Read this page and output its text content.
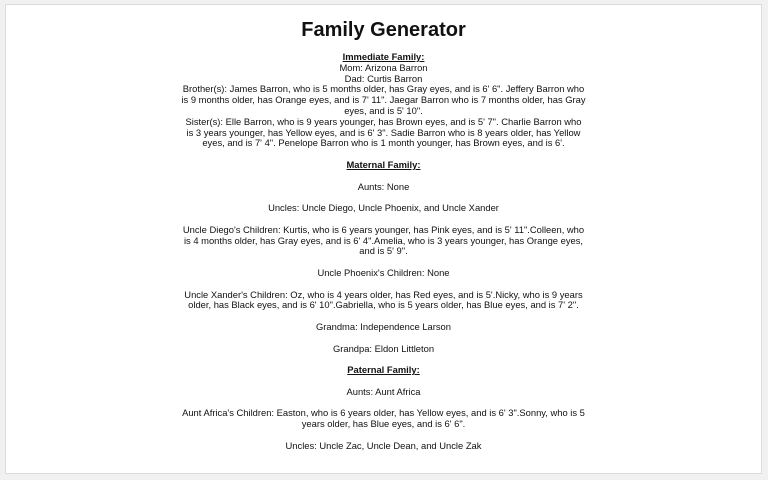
Family Generator
Immediate Family:

Mom: Arizona Barron

Dad: Curtis Barron

Brother(s): James Barron, who is 5 months older, has Gray eyes, and is 6' 6". Jeffery Barron who is 9 months older, has Orange eyes, and is 7' 11". Jaegar Barron who is 7 months older, has Gray eyes, and is 5' 10".

Sister(s): Elle Barron, who is 9 years younger, has Brown eyes, and is 5' 7". Charlie Barron who is 3 years younger, has Yellow eyes, and is 6' 3". Sadie Barron who is 8 years older, has Yellow eyes, and is 7' 4". Penelope Barron who is 1 month younger, has Brown eyes, and is 6'.

Maternal Family:

Aunts: None

Uncles: Uncle Diego, Uncle Phoenix, and Uncle Xander

Uncle Diego's Children: Kurtis, who is 6 years younger, has Pink eyes, and is 5' 11".Colleen, who is 4 months older, has Gray eyes, and is 6' 4".Amelia, who is 3 years younger, has Orange eyes, and is 5' 9".

Uncle Phoenix's Children: None

Uncle Xander's Children: Oz, who is 4 years older, has Red eyes, and is 5'.Nicky, who is 9 years older, has Black eyes, and is 6' 10".Gabriella, who is 5 years older, has Blue eyes, and is 7' 2".

Grandma: Independence Larson

Grandpa: Eldon Littleton

Paternal Family:

Aunts: Aunt Africa

Aunt Africa's Children: Easton, who is 6 years older, has Yellow eyes, and is 6' 3".Sonny, who is 5 years older, has Blue eyes, and is 6' 6".

Uncles: Uncle Zac, Uncle Dean, and Uncle Zak
